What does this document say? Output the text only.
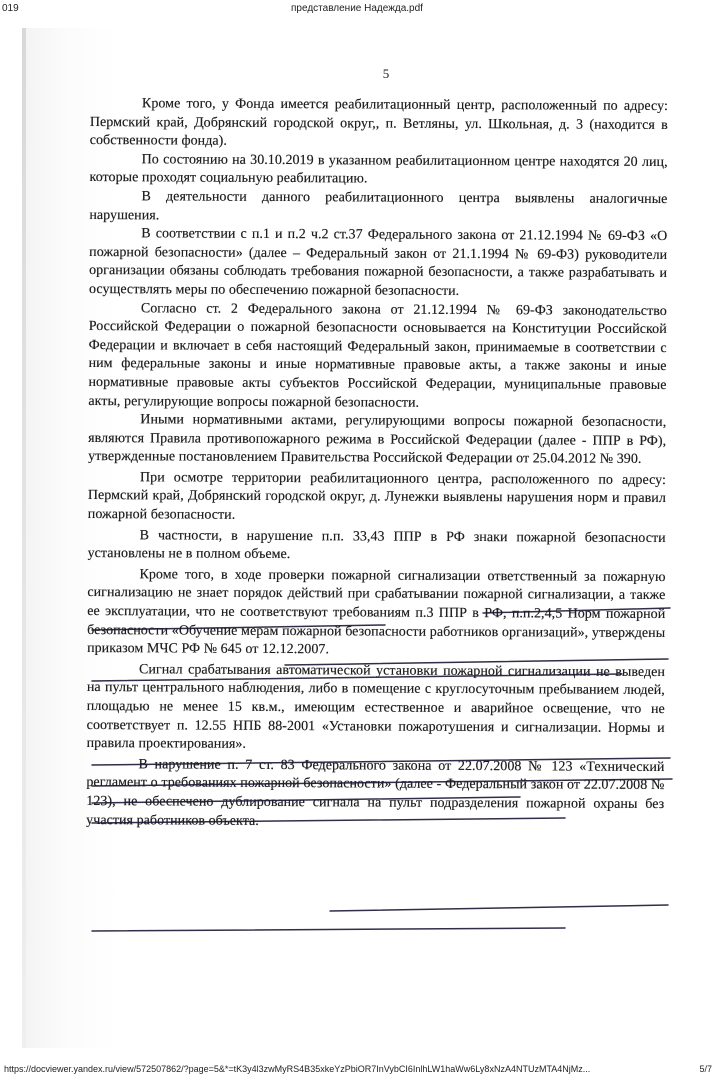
019	представление Надежда.pdf
5

Кроме того, у Фонда имеется реабилитационный центр, расположенный по адресу: Пермский край, Добрянский городской округ,, п. Ветляны, ул. Школьная, д. 3 (находится в собственности фонда).

По состоянию на 30.10.2019 в указанном реабилитационном центре находятся 20 лиц, которые проходят социальную реабилитацию.

В деятельности данного реабилитационного центра выявлены аналогичные нарушения.

В соответствии с п.1 и п.2 ч.2 ст.37 Федерального закона от 21.12.1994 № 69-ФЗ «О пожарной безопасности» (далее – Федеральный закон от 21.1.1994 № 69-ФЗ) руководители организации обязаны соблюдать требования пожарной безопасности, а также разрабатывать и осуществлять меры по обеспечению пожарной безопасности.

Согласно ст. 2 Федерального закона от 21.12.1994 № 69-ФЗ законодательство Российской Федерации о пожарной безопасности основывается на Конституции Российской Федерации и включает в себя настоящий Федеральный закон, принимаемые в соответствии с ним федеральные законы и иные нормативные правовые акты, а также законы и иные нормативные правовые акты субъектов Российской Федерации, муниципальные правовые акты, регулирующие вопросы пожарной безопасности.

Иными нормативными актами, регулирующими вопросы пожарной безопасности, являются Правила противопожарного режима в Российской Федерации (далее - ППР в РФ), утвержденные постановлением Правительства Российской Федерации от 25.04.2012 № 390.

При осмотре территории реабилитационного центра, расположенного по адресу: Пермский край, Добрянский городской округ, д. Лунежки выявлены нарушения норм и правил пожарной безопасности.

В частности, в нарушение п.п. 33,43 ППР в РФ знаки пожарной безопасности установлены не в полном объеме.

Кроме того, в ходе проверки пожарной сигнализации ответственный за пожарную сигнализацию не знает порядок действий при срабатывании пожарной сигнализации, а также ее эксплуатации, что не соответствуют требованиям п.3 ППР в РФ, п.п.2,4,5 Норм пожарной безопасности «Обучение мерам пожарной безопасности работников организаций», утверждены приказом МЧС РФ № 645 от 12.12.2007.

Сигнал срабатывания автоматической установки пожарной сигнализации не выведен на пульт центрального наблюдения, либо в помещение с круглосуточным пребыванием людей, площадью не менее 15 кв.м., имеющим естественное и аварийное освещение, что не соответствует п. 12.55 НПБ 88-2001 «Установки пожаротушения и сигнализации. Нормы и правила проектирования».

В нарушение п. 7 ст. 83 Федерального закона от 22.07.2008 № 123 «Технический регламент о требованиях пожарной безопасности» (далее - Федеральный закон от 22.07.2008 № 123), не обеспечено дублирование сигнала на пульт подразделения пожарной охраны без участия работников объекта.

https://docviewer.yandex.ru/view/572507862/?page=5&*=tK3y4l3zwMyRS4B35xkeYzPbiOR7InVybCI6InlhLW1haWw6Ly8xNzA4NTUzMTA4NjMz...	5/7
